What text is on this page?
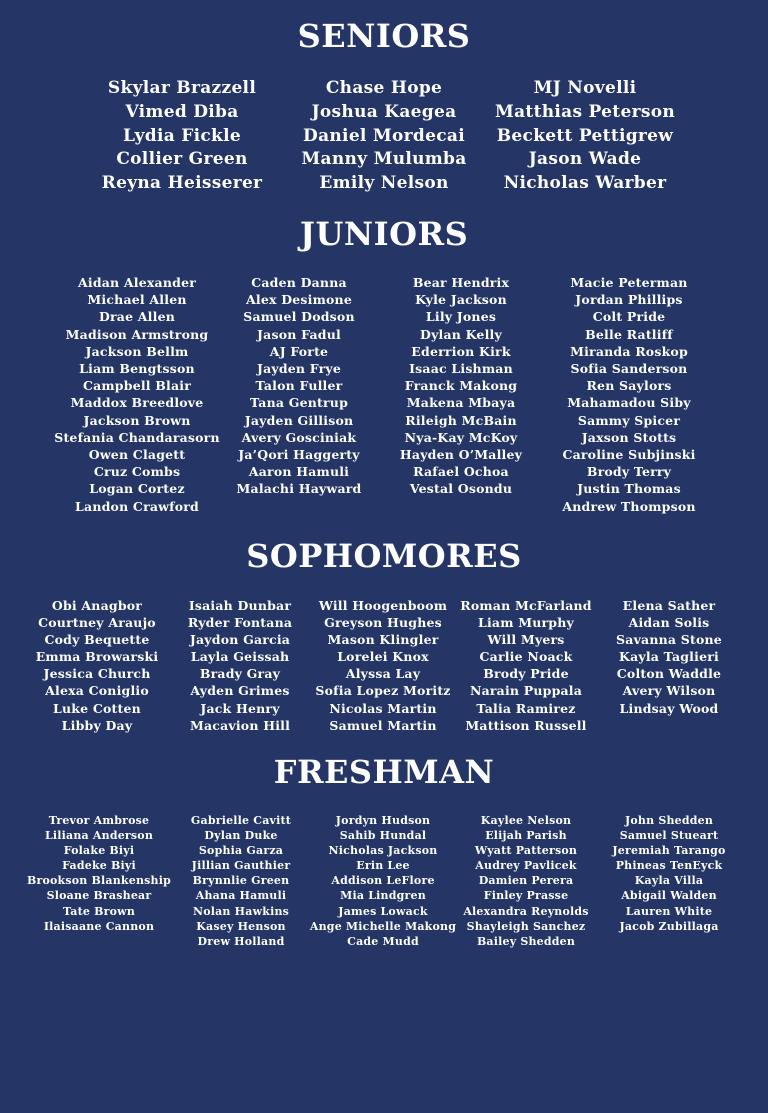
SENIORS
Skylar Brazzell
Vimed Diba
Lydia Fickle
Collier Green
Reyna Heisserer
Chase Hope
Joshua Kaegea
Daniel Mordecai
Manny Mulumba
Emily Nelson
MJ Novelli
Matthias Peterson
Beckett Pettigrew
Jason Wade
Nicholas Warber
JUNIORS
Aidan Alexander
Michael Allen
Drae Allen
Madison Armstrong
Jackson Bellm
Liam Bengtsson
Campbell Blair
Maddox Breedlove
Jackson Brown
Stefania Chandarasorn
Owen Clagett
Cruz Combs
Logan Cortez
Landon Crawford
Caden Danna
Alex Desimone
Samuel Dodson
Jason Fadul
AJ Forte
Jayden Frye
Talon Fuller
Tana Gentrup
Jayden Gillison
Avery Gosciniak
Ja’Qori Haggerty
Aaron Hamuli
Malachi Hayward
Bear Hendrix
Kyle Jackson
Lily Jones
Dylan Kelly
Ederrion Kirk
Isaac Lishman
Franck Makong
Makena Mbaya
Rileigh McBain
Nya-Kay McKoy
Hayden O’Malley
Rafael Ochoa
Vestal Osondu
Macie Peterman
Jordan Phillips
Colt Pride
Belle Ratliff
Miranda Roskop
Sofia Sanderson
Ren Saylors
Mahamadou Siby
Sammy Spicer
Jaxson Stotts
Caroline Subjinski
Brody Terry
Justin Thomas
Andrew Thompson
SOPHOMORES
Obi Anagbor
Courtney Araujo
Cody Bequette
Emma Browarski
Jessica Church
Alexa Coniglio
Luke Cotten
Libby Day
Isaiah Dunbar
Ryder Fontana
Jaydon Garcia
Layla Geissah
Brady Gray
Ayden Grimes
Jack Henry
Macavion Hill
Will Hoogenboom
Greyson Hughes
Mason Klingler
Lorelei Knox
Alyssa Lay
Sofia Lopez Moritz
Nicolas Martin
Samuel Martin
Roman McFarland
Liam Murphy
Will Myers
Carlie Noack
Brody Pride
Narain Puppala
Talia Ramirez
Mattison Russell
Elena Sather
Aidan Solis
Savanna Stone
Kayla Taglieri
Colton Waddle
Avery Wilson
Lindsay Wood
FRESHMAN
Trevor Ambrose
Liliana Anderson
Folake Biyi
Fadeke Biyi
Brookson Blankenship
Sloane Brashear
Tate Brown
Ilaisaane Cannon
Gabrielle Cavitt
Dylan Duke
Sophia Garza
Jillian Gauthier
Brynnlie Green
Ahana Hamuli
Nolan Hawkins
Kasey Henson
Drew Holland
Jordyn Hudson
Sahib Hundal
Nicholas Jackson
Erin Lee
Addison LeFlore
Mia Lindgren
James Lowack
Ange Michelle Makong
Cade Mudd
Kaylee Nelson
Elijah Parish
Wyatt Patterson
Audrey Pavlicek
Damien Perera
Finley Prasse
Alexandra Reynolds
Shayleigh Sanchez
Bailey Shedden
John Shedden
Samuel Stueart
Jeremiah Tarango
Phineas TenEyck
Kayla Villa
Abigail Walden
Lauren White
Jacob Zubillaga
